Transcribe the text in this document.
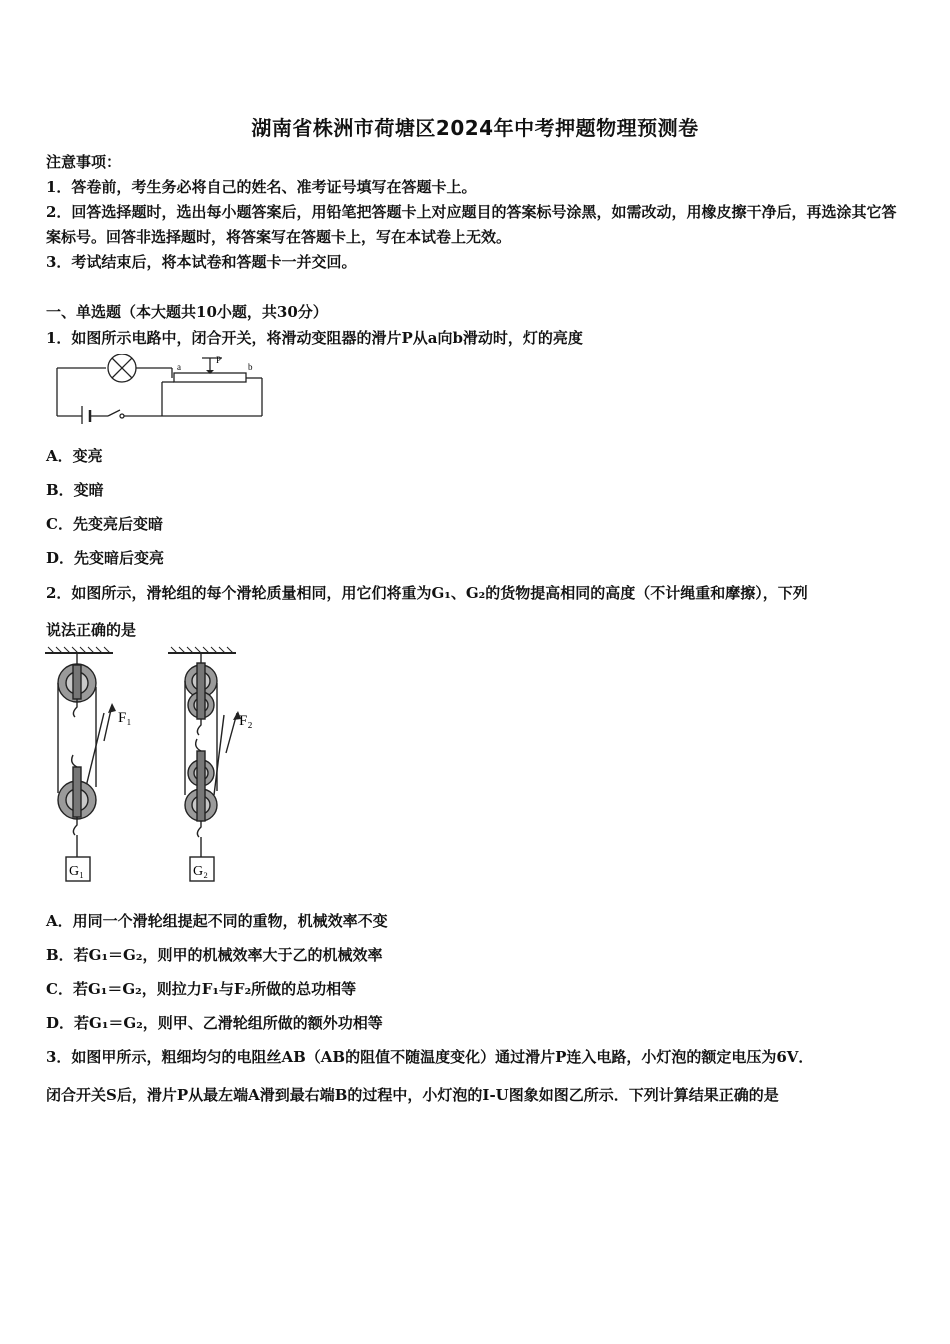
湖南省株洲市荷塘区2024年中考押题物理预测卷

注意事项：

1．答卷前，考生务必将自己的姓名、准考证号填写在答题卡上。

2．回答选择题时，选出每小题答案后，用铅笔把答题卡上对应题目的答案标号涂黑，如需改动，用橡皮擦干净后，再选涂其它答案标号。回答非选择题时，将答案写在答题卡上，写在本试卷上无效。

3．考试结束后，将本试卷和答题卡一并交回。

一、单选题（本大题共10小题，共30分）
1．如图所示电路中，闭合开关，将滑动变阻器的滑片P从a向b滑动时，灯的亮度
a	b
P
A．变亮
B．变暗
C．先变亮后变暗
D．先变暗后变亮
2．如图所示，滑轮组的每个滑轮质量相同，用它们将重为G₁、G₂的货物提高相同的高度（不计绳重和摩擦），下列
说法正确的是
F₁
G₁
F₂
G₂
A．用同一个滑轮组提起不同的重物，机械效率不变
B．若G₁＝G₂，则甲的机械效率大于乙的机械效率
C．若G₁＝G₂，则拉力F₁与F₂所做的总功相等
D．若G₁＝G₂，则甲、乙滑轮组所做的额外功相等
3．如图甲所示，粗细均匀的电阻丝AB（AB的阻值不随温度变化）通过滑片P连入电路，小灯泡的额定电压为6V．
闭合开关S后，滑片P从最左端A滑到最右端B的过程中，小灯泡的I-U图象如图乙所示．下列计算结果正确的是
